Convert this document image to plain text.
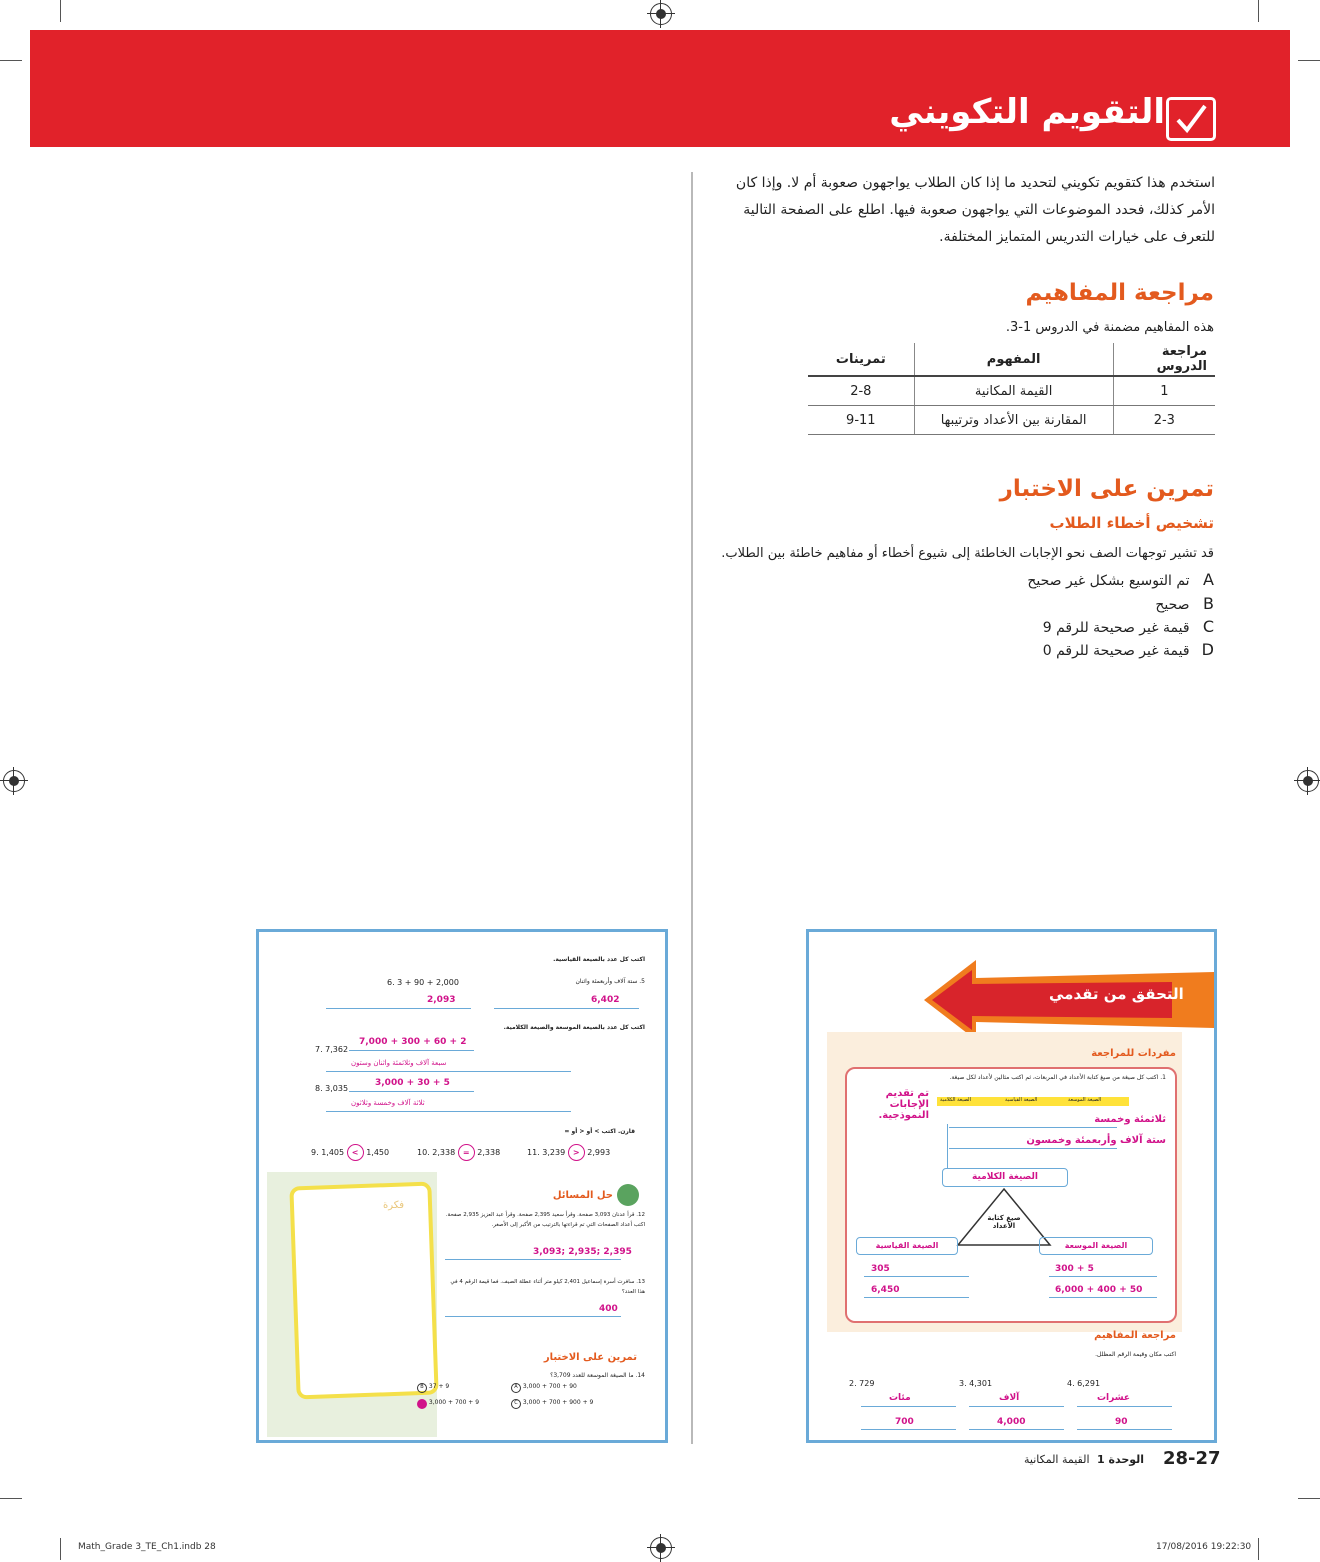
التقويم التكويني
استخدم هذا كتقويم تكويني لتحديد ما إذا كان الطلاب يواجهون صعوبة أم لا. وإذا كان الأمر كذلك، فحدد الموضوعات التي يواجهون صعوبة فيها. اطلع على الصفحة التالية للتعرف على خيارات التدريس المتمايز المختلفة.
مراجعة المفاهيم
هذه المفاهيم مضمنة في الدروس 1-3.
مراجعة الدروس	المفهوم	تمرينات
1	القيمة المكانية	2-8
2-3	المقارنة بين الأعداد وترتيبها	9-11
تمرين على الاختبار
تشخيص أخطاء الطلاب
قد تشير توجهات الصف نحو الإجابات الخاطئة إلى شيوع أخطاء أو مفاهيم خاطئة بين الطلاب.
A تم التوسيع بشكل غير صحيح
B صحيح
C قيمة غير صحيحة للرقم 9
D قيمة غير صحيحة للرقم 0
التحقق من تقدمي
مفردات للمراجعة
1. اكتب كل صيغة من صيغ كتابة الأعداد في المربعات، ثم اكتب مثالين لأعداد لكل صيغة.
تم تقديم الإجابات النموذجية.
الصيغة الكلامية	الصيغة القياسية	الصيغة الموسعة
ثلاثمئة وخمسة
ستة آلاف وأربعمئة وخمسون
الصيغة الكلامية
صيغ كتابة الأعداد
الصيغة القياسية	الصيغة الموسعة
305
6,450
300 + 5
6,000 + 400 + 50
مراجعة المفاهيم
اكتب مكان وقيمة الرقم المظلل.
2. 729	3. 4,301	4. 6,291
مئات	آلاف	عشرات
700	4,000	90
اكتب كل عدد بالصيغة القياسية.
5. ستة آلاف وأربعمئة واثنان
6. 3 + 90 + 2,000
6,402
2,093
اكتب كل عدد بالصيغة الموسعة والصيغة الكلامية.
7. 7,362
7,000 + 300 + 60 + 2
سبعة آلاف وثلاثمئة واثنان وستون
8. 3,035
3,000 + 30 + 5
ثلاثة آلاف وخمسة وثلاثون
قارن. اكتب > أو < أو =
9. 1,405 < 1,450	10. 2,338 = 2,338	11. 3,239 > 2,993
فكرة
حل المسائل
12. قرأ عدنان 3,093 صفحة. وقرأ سعيد 2,395 صفحة. وقرأ عبد العزيز 2,935 صفحة. اكتب أعداد الصفحات التي تم قراءتها بالترتيب من الأكبر إلى الأصغر.
3,093; 2,935; 2,395
13. سافرت أسرة إسماعيل 2,401 كيلو متر أثناء عطلة الصيف. فما قيمة الرقم 4 في هذا العدد؟
400
تمرين على الاختبار
14. ما الصيغة الموسعة للعدد 3,709؟
A 3,000 + 700 + 90
B 37 + 9
C 3,000 + 700 + 900 + 9
D 3,000 + 700 + 9
28-27
الوحدة 1
القيمة المكانية
Math_Grade 3_TE_Ch1.indb 28	17/08/2016 19:22:30
